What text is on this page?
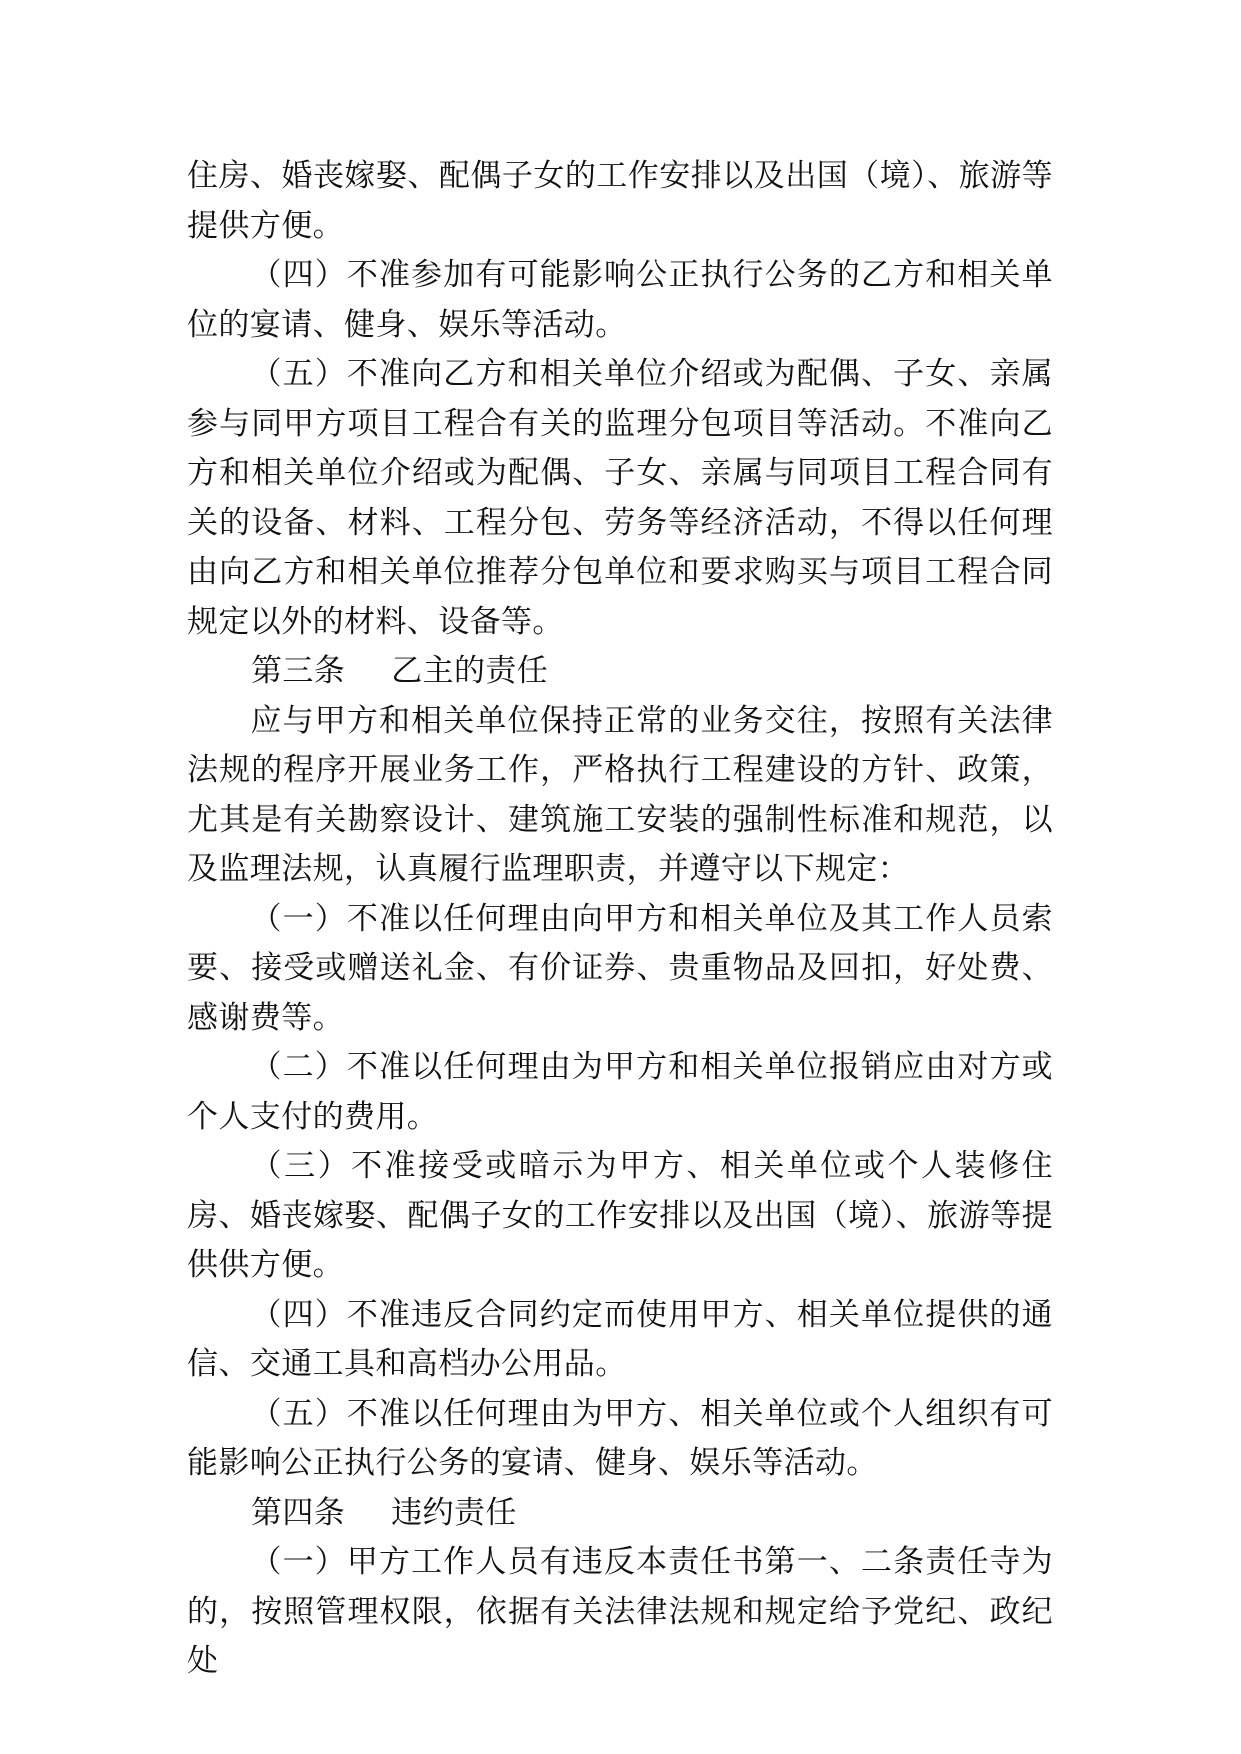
住房、婚丧嫁娶、配偶子女的工作安排以及出国（境）、旅游等提供方便。

（四）不准参加有可能影响公正执行公务的乙方和相关单位的宴请、健身、娱乐等活动。

（五）不准向乙方和相关单位介绍或为配偶、子女、亲属参与同甲方项目工程合有关的监理分包项目等活动。不准向乙方和相关单位介绍或为配偶、子女、亲属与同项目工程合同有关的设备、材料、工程分包、劳务等经济活动，不得以任何理由向乙方和相关单位推荐分包单位和要求购买与项目工程合同规定以外的材料、设备等。

第三条 乙主的责任

应与甲方和相关单位保持正常的业务交往，按照有关法律法规的程序开展业务工作，严格执行工程建设的方针、政策，尤其是有关勘察设计、建筑施工安装的强制性标准和规范，以及监理法规，认真履行监理职责，并遵守以下规定：

（一）不准以任何理由向甲方和相关单位及其工作人员索要、接受或赠送礼金、有价证券、贵重物品及回扣，好处费、感谢费等。

（二）不准以任何理由为甲方和相关单位报销应由对方或个人支付的费用。

（三）不准接受或暗示为甲方、相关单位或个人装修住房、婚丧嫁娶、配偶子女的工作安排以及出国（境）、旅游等提供供方便。

（四）不准违反合同约定而使用甲方、相关单位提供的通信、交通工具和高档办公用品。

（五）不准以任何理由为甲方、相关单位或个人组织有可能影响公正执行公务的宴请、健身、娱乐等活动。

第四条 违约责任

（一）甲方工作人员有违反本责任书第一、二条责任寺为的，按照管理权限，依据有关法律法规和规定给予党纪、政纪处
